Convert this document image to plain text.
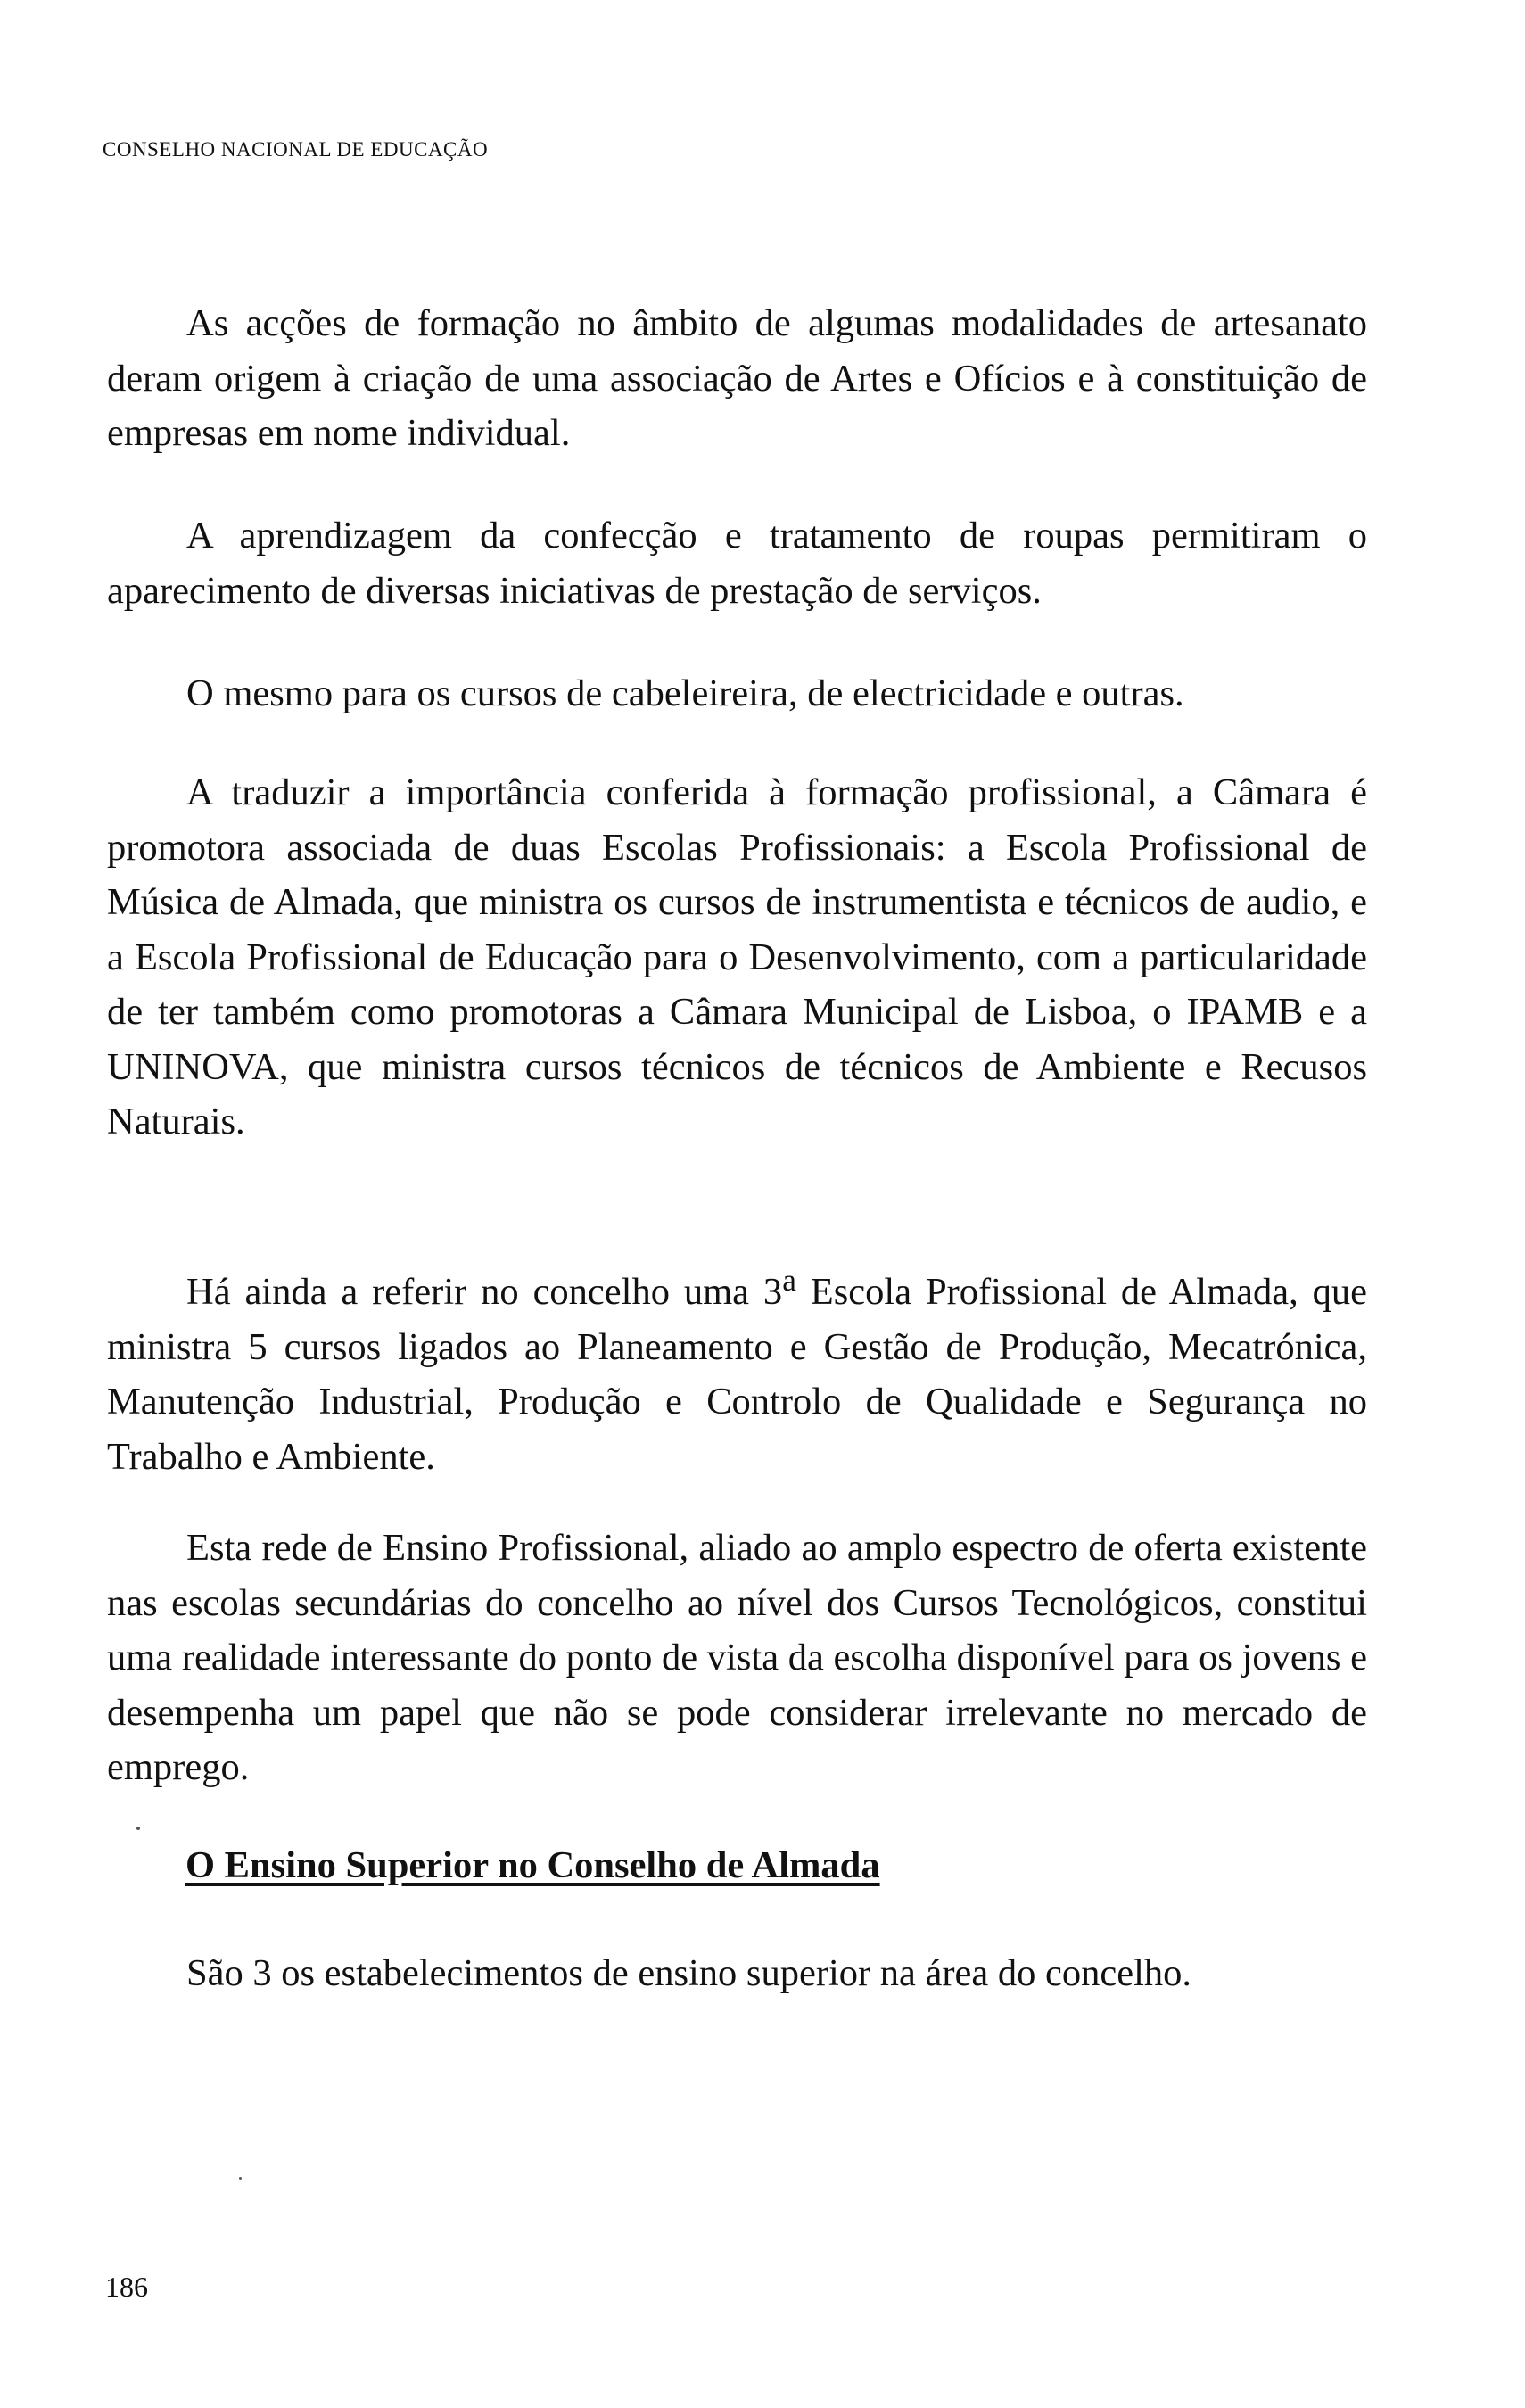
CONSELHO NACIONAL DE EDUCAÇÃO

As acções de formação no âmbito de algumas modalidades de artesanato deram origem à criação de uma associação de Artes e Ofícios e à constituição de empresas em nome individual.

A aprendizagem da confecção e tratamento de roupas permitiram o aparecimento de diversas iniciativas de prestação de serviços.

O mesmo para os cursos de cabeleireira, de electricidade e outras.

A traduzir a importância conferida à formação profissional, a Câmara é promotora associada de duas Escolas Profissionais: a Escola Profissional de Música de Almada, que ministra os cursos de instrumentista e técnicos de audio, e a Escola Profissional de Educação para o Desenvolvimento, com a particularidade de ter também como promotoras a Câmara Municipal de Lisboa, o IPAMB e a UNINOVA, que ministra cursos técnicos de técnicos de Ambiente e Recusos Naturais.

Há ainda a referir no concelho uma 3$^a$ Escola Profissional de Almada, que ministra 5 cursos ligados ao Planeamento e Gestão de Produção, Mecatrónica, Manutenção Industrial, Produção e Controlo de Qualidade e Segurança no Trabalho e Ambiente.

Esta rede de Ensino Profissional, aliado ao amplo espectro de oferta existente nas escolas secundárias do concelho ao nível dos Cursos Tecnológicos, constitui uma realidade interessante do ponto de vista da escolha disponível para os jovens e desempenha um papel que não se pode considerar irrelevante no mercado de emprego.

O Ensino Superior no Conselho de Almada

São 3 os estabelecimentos de ensino superior na área do concelho.

186
